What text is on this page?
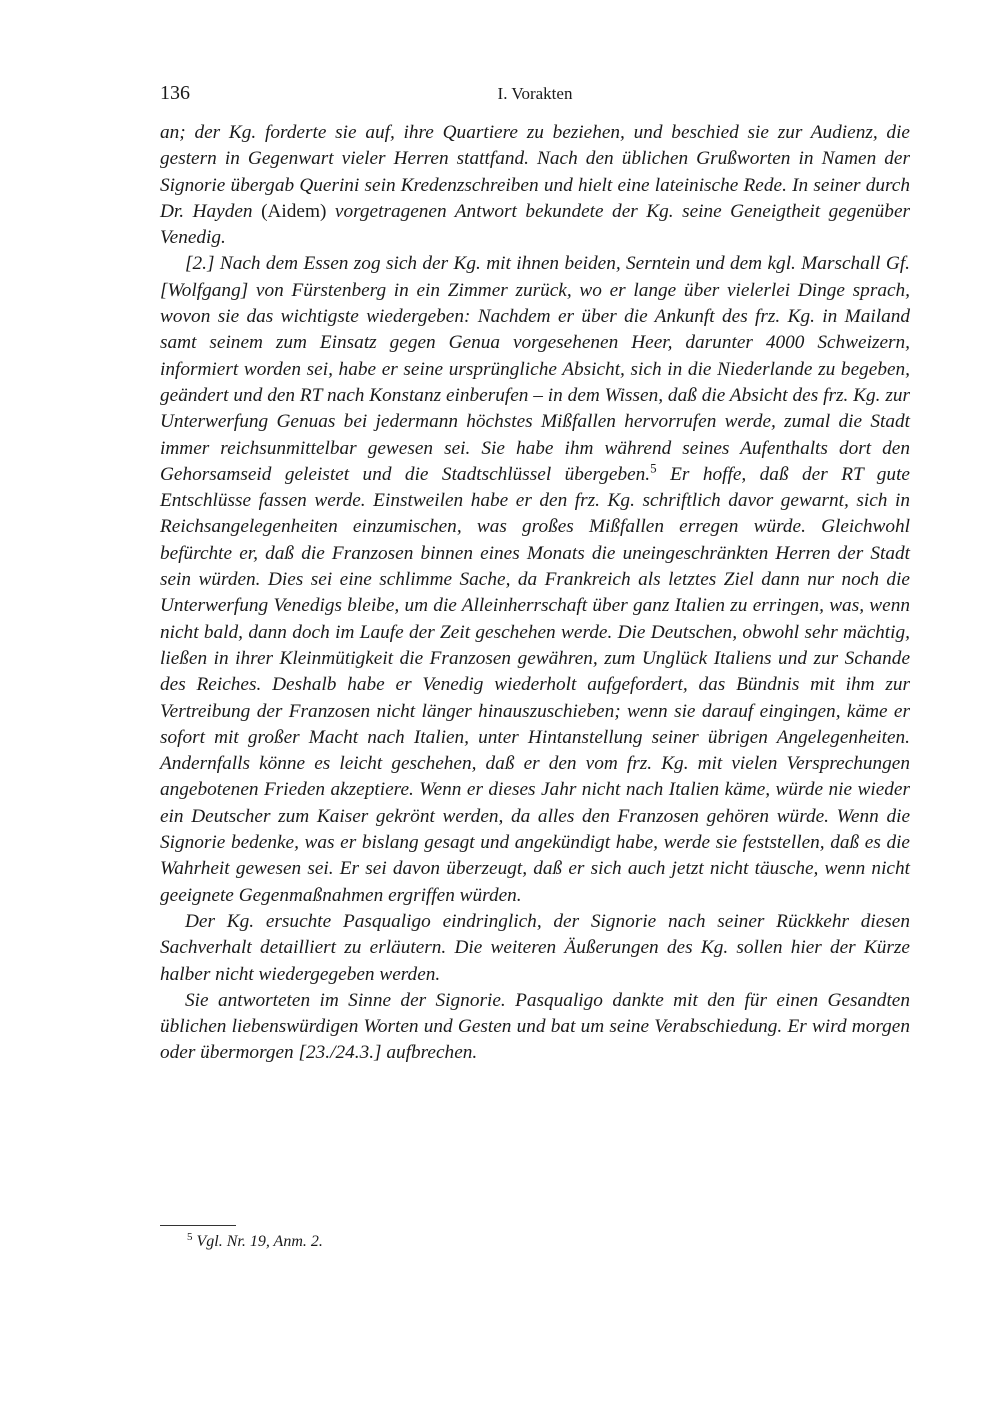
136	I. Vorakten

an; der Kg. forderte sie auf, ihre Quartiere zu beziehen, und beschied sie zur Audienz, die gestern in Gegenwart vieler Herren stattfand. Nach den üblichen Grußworten in Namen der Signorie übergab Querini sein Kredenzschreiben und hielt eine lateinische Rede. In seiner durch Dr. Hayden (Aidem) vorgetragenen Antwort bekundete der Kg. seine Geneigtheit gegenüber Venedig.

[2.] Nach dem Essen zog sich der Kg. mit ihnen beiden, Serntein und dem kgl. Marschall Gf. [Wolfgang] von Fürstenberg in ein Zimmer zurück, wo er lange über vielerlei Dinge sprach, wovon sie das wichtigste wiedergeben: Nachdem er über die Ankunft des frz. Kg. in Mailand samt seinem zum Einsatz gegen Genua vorgesehenen Heer, darunter 4000 Schweizern, informiert worden sei, habe er seine ursprüngliche Absicht, sich in die Niederlande zu begeben, geändert und den RT nach Konstanz einberufen – in dem Wissen, daß die Absicht des frz. Kg. zur Unterwerfung Genuas bei jedermann höchstes Mißfallen hervorrufen werde, zumal die Stadt immer reichsunmittelbar gewesen sei. Sie habe ihm während seines Aufenthalts dort den Gehorsamseid geleistet und die Stadtschlüssel übergeben.$^5$ Er hoffe, daß der RT gute Entschlüsse fassen werde. Einstweilen habe er den frz. Kg. schriftlich davor gewarnt, sich in Reichsangelegenheiten einzumischen, was großes Mißfallen erregen würde. Gleichwohl befürchte er, daß die Franzosen binnen eines Monats die uneingeschränkten Herren der Stadt sein würden. Dies sei eine schlimme Sache, da Frankreich als letztes Ziel dann nur noch die Unterwerfung Venedigs bleibe, um die Alleinherrschaft über ganz Italien zu erringen, was, wenn nicht bald, dann doch im Laufe der Zeit geschehen werde. Die Deutschen, obwohl sehr mächtig, ließen in ihrer Kleinmütigkeit die Franzosen gewähren, zum Unglück Italiens und zur Schande des Reiches. Deshalb habe er Venedig wiederholt aufgefordert, das Bündnis mit ihm zur Vertreibung der Franzosen nicht länger hinauszuschieben; wenn sie darauf eingingen, käme er sofort mit großer Macht nach Italien, unter Hintanstellung seiner übrigen Angelegenheiten. Andernfalls könne es leicht geschehen, daß er den vom frz. Kg. mit vielen Versprechungen angebotenen Frieden akzeptiere. Wenn er dieses Jahr nicht nach Italien käme, würde nie wieder ein Deutscher zum Kaiser gekrönt werden, da alles den Franzosen gehören würde. Wenn die Signorie bedenke, was er bislang gesagt und angekündigt habe, werde sie feststellen, daß es die Wahrheit gewesen sei. Er sei davon überzeugt, daß er sich auch jetzt nicht täusche, wenn nicht geeignete Gegenmaßnahmen ergriffen würden.

Der Kg. ersuchte Pasqualigo eindringlich, der Signorie nach seiner Rückkehr diesen Sachverhalt detailliert zu erläutern. Die weiteren Äußerungen des Kg. sollen hier der Kürze halber nicht wiedergegeben werden.

Sie antworteten im Sinne der Signorie. Pasqualigo dankte mit den für einen Gesandten üblichen liebenswürdigen Worten und Gesten und bat um seine Verabschiedung. Er wird morgen oder übermorgen [23./24.3.] aufbrechen.

$^5$ Vgl. Nr. 19, Anm. 2.
